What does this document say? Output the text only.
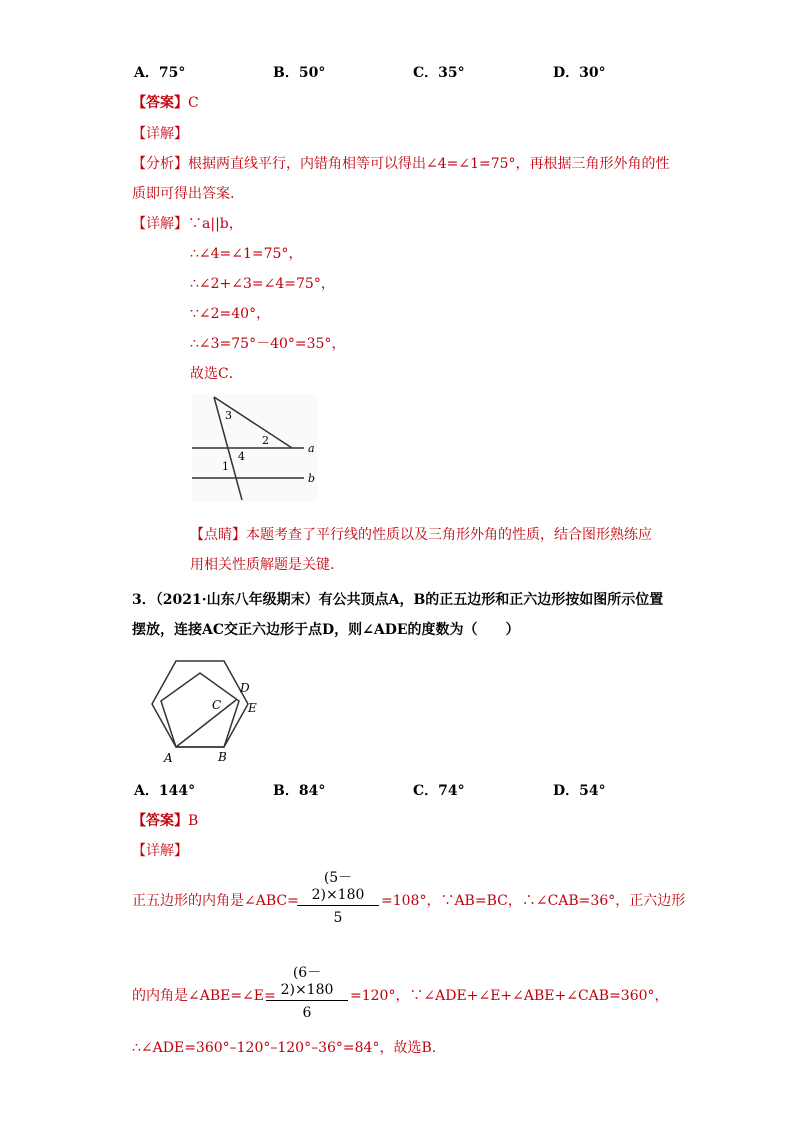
A．75°	B．50°	C．35°	D．30°
【答案】C
【详解】
【分析】根据两直线平行，内错角相等可以得出∠4=∠1=75°，再根据三角形外角的性
质即可得出答案.
【详解】∵a||b，
∴∠4=∠1=75°，
∴∠2+∠3=∠4=75°，
∵∠2=40°，
∴∠3=75°－40°=35°，
故选C．
3
2
4
1
a
b
【点睛】本题考查了平行线的性质以及三角形外角的性质，结合图形熟练应
用相关性质解题是关键.
3．（2021·山东八年级期末）有公共顶点A，B的正五边形和正六边形按如图所示位置
摆放，连接AC交正六边形于点D，则∠ADE的度数为（　　）
A	B
C
D
E
A．144°	B．84°	C．74°	D．54°
【答案】B
【详解】
正五边形的内角是∠ABC=
(5－2)×180
5
=108°，∵AB=BC，∴∠CAB=36°，正六边形
的内角是∠ABE=∠E=
(6－2)×180
6
=120°，∵∠ADE+∠E+∠ABE+∠CAB=360°，
∴∠ADE=360°–120°–120°–36°=84°，故选B.
